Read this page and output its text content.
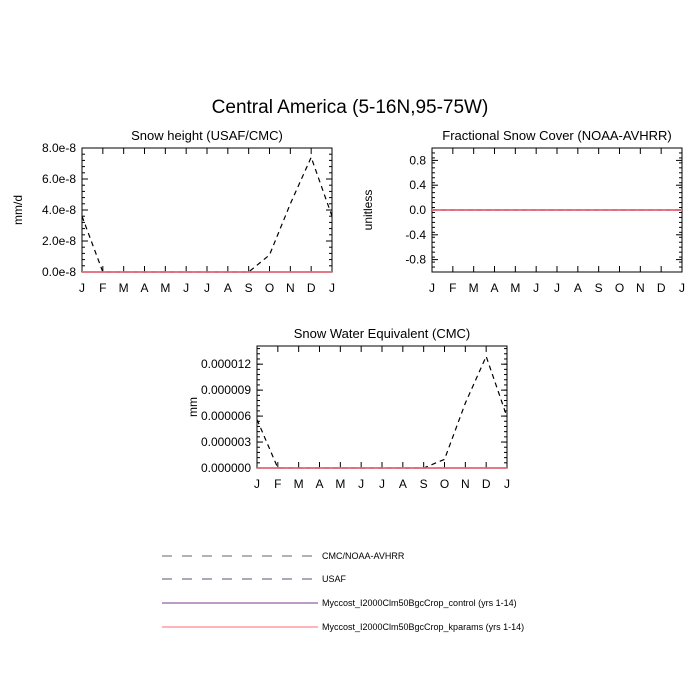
Central America (5-16N,95-75W)
Snow height (USAF/CMC)
mm/d
J F M A M J J A S O N D J
0.0e-8
2.0e-8
4.0e-8
6.0e-8
8.0e-8
Fractional Snow Cover (NOAA-AVHRR)
unitless
J F M A M J J A S O N D J
-0.8
-0.4
0.0
0.4
0.8
Snow Water Equivalent (CMC)
mm
J F M A M J J A S O N D J
0.000000
0.000003
0.000006
0.000009
0.000012
CMC/NOAA-AVHRR
USAF
Myccost_I2000Clm50BgcCrop_control (yrs 1-14)
Myccost_I2000Clm50BgcCrop_kparams (yrs 1-14)
